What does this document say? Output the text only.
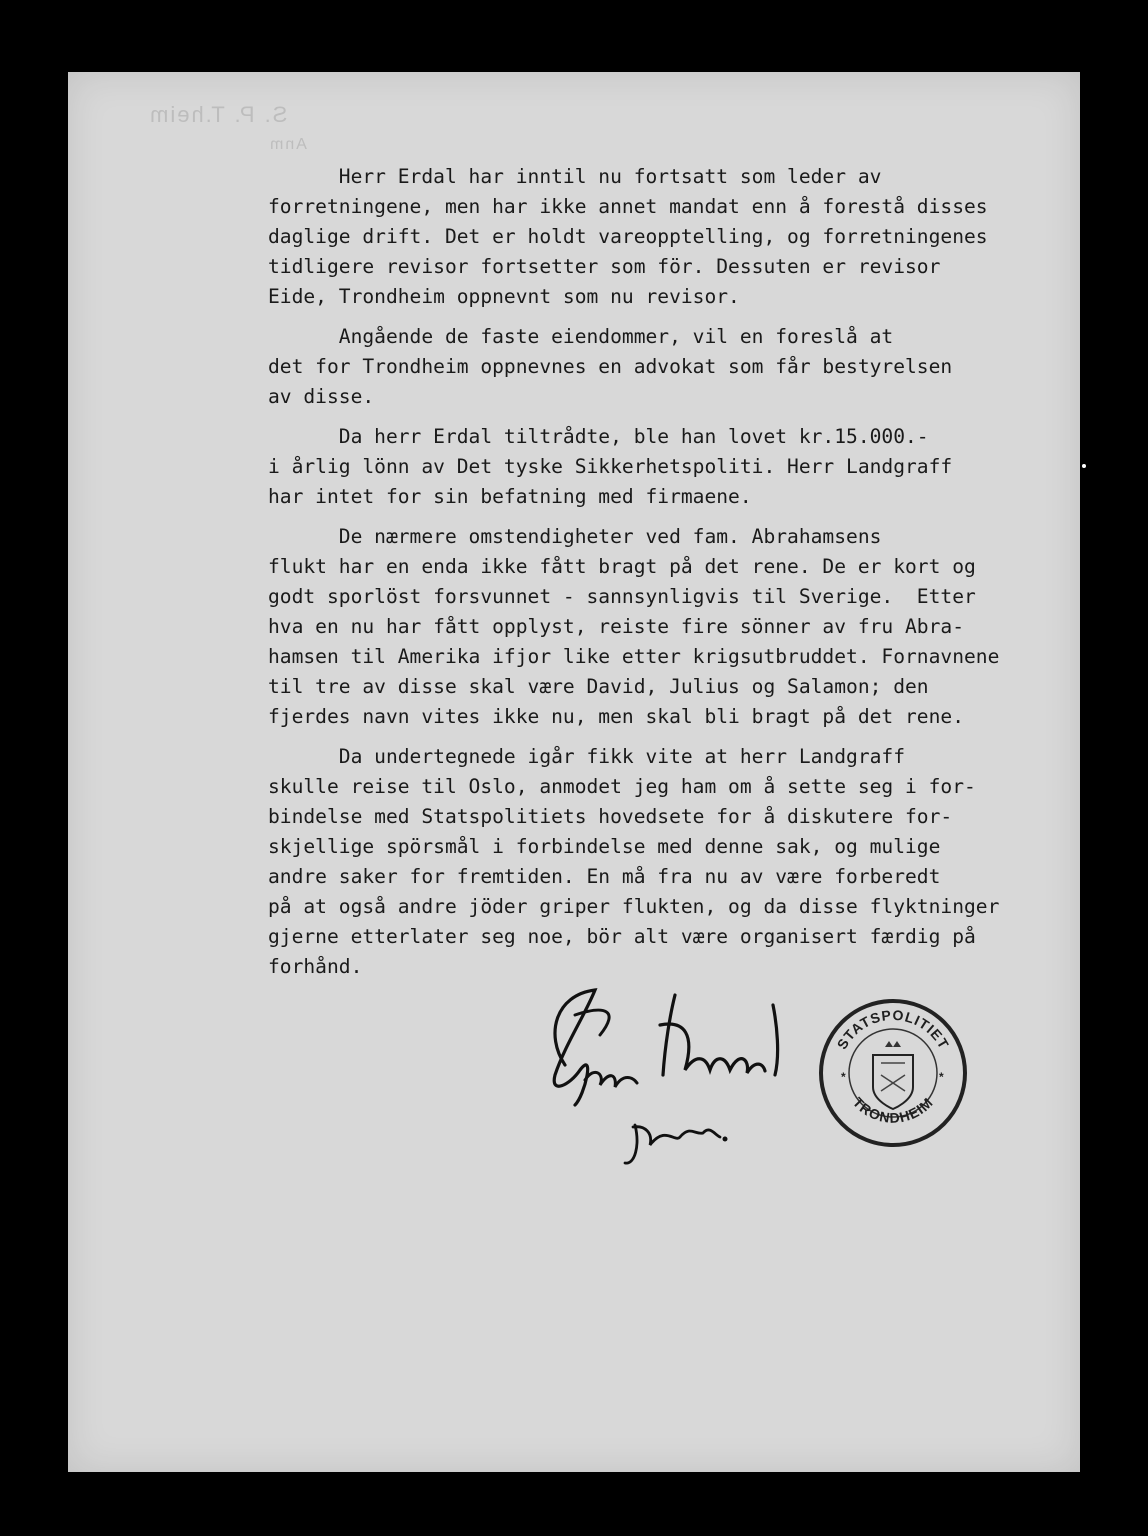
S. P. T.heim
Anm
Herr Erdal har inntil nu fortsatt som leder av
forretningene, men har ikke annet mandat enn å forestå disses
daglige drift. Det er holdt vareopptelling, og forretningenes
tidligere revisor fortsetter som för. Dessuten er revisor
Eide, Trondheim oppnevnt som nu revisor.
Angående de faste eiendommer, vil en foreslå at
det for Trondheim oppnevnes en advokat som får bestyrelsen
av disse.
Da herr Erdal tiltrådte, ble han lovet kr.15.000.-
i årlig lönn av Det tyske Sikkerhetspoliti. Herr Landgraff
har intet for sin befatning med firmaene.
De nærmere omstendigheter ved fam. Abrahamsens
flukt har en enda ikke fått bragt på det rene. De er kort og
godt sporlöst forsvunnet - sannsynligvis til Sverige.  Etter
hva en nu har fått opplyst, reiste fire sönner av fru Abra-
hamsen til Amerika ifjor like etter krigsutbruddet. Fornavnene
til tre av disse skal være David, Julius og Salamon; den
fjerdes navn vites ikke nu, men skal bli bragt på det rene.
Da undertegnede igår fikk vite at herr Landgraff
skulle reise til Oslo, anmodet jeg ham om å sette seg i for-
bindelse med Statspolitiets hovedsete for å diskutere for-
skjellige spörsmål i forbindelse med denne sak, og mulige
andre saker for fremtiden. En må fra nu av være forberedt
på at også andre jöder griper flukten, og da disse flyktninger
gjerne etterlater seg noe, bör alt være organisert færdig på
forhånd.
STATSPOLITIET
TRONDHEIM
*	*
